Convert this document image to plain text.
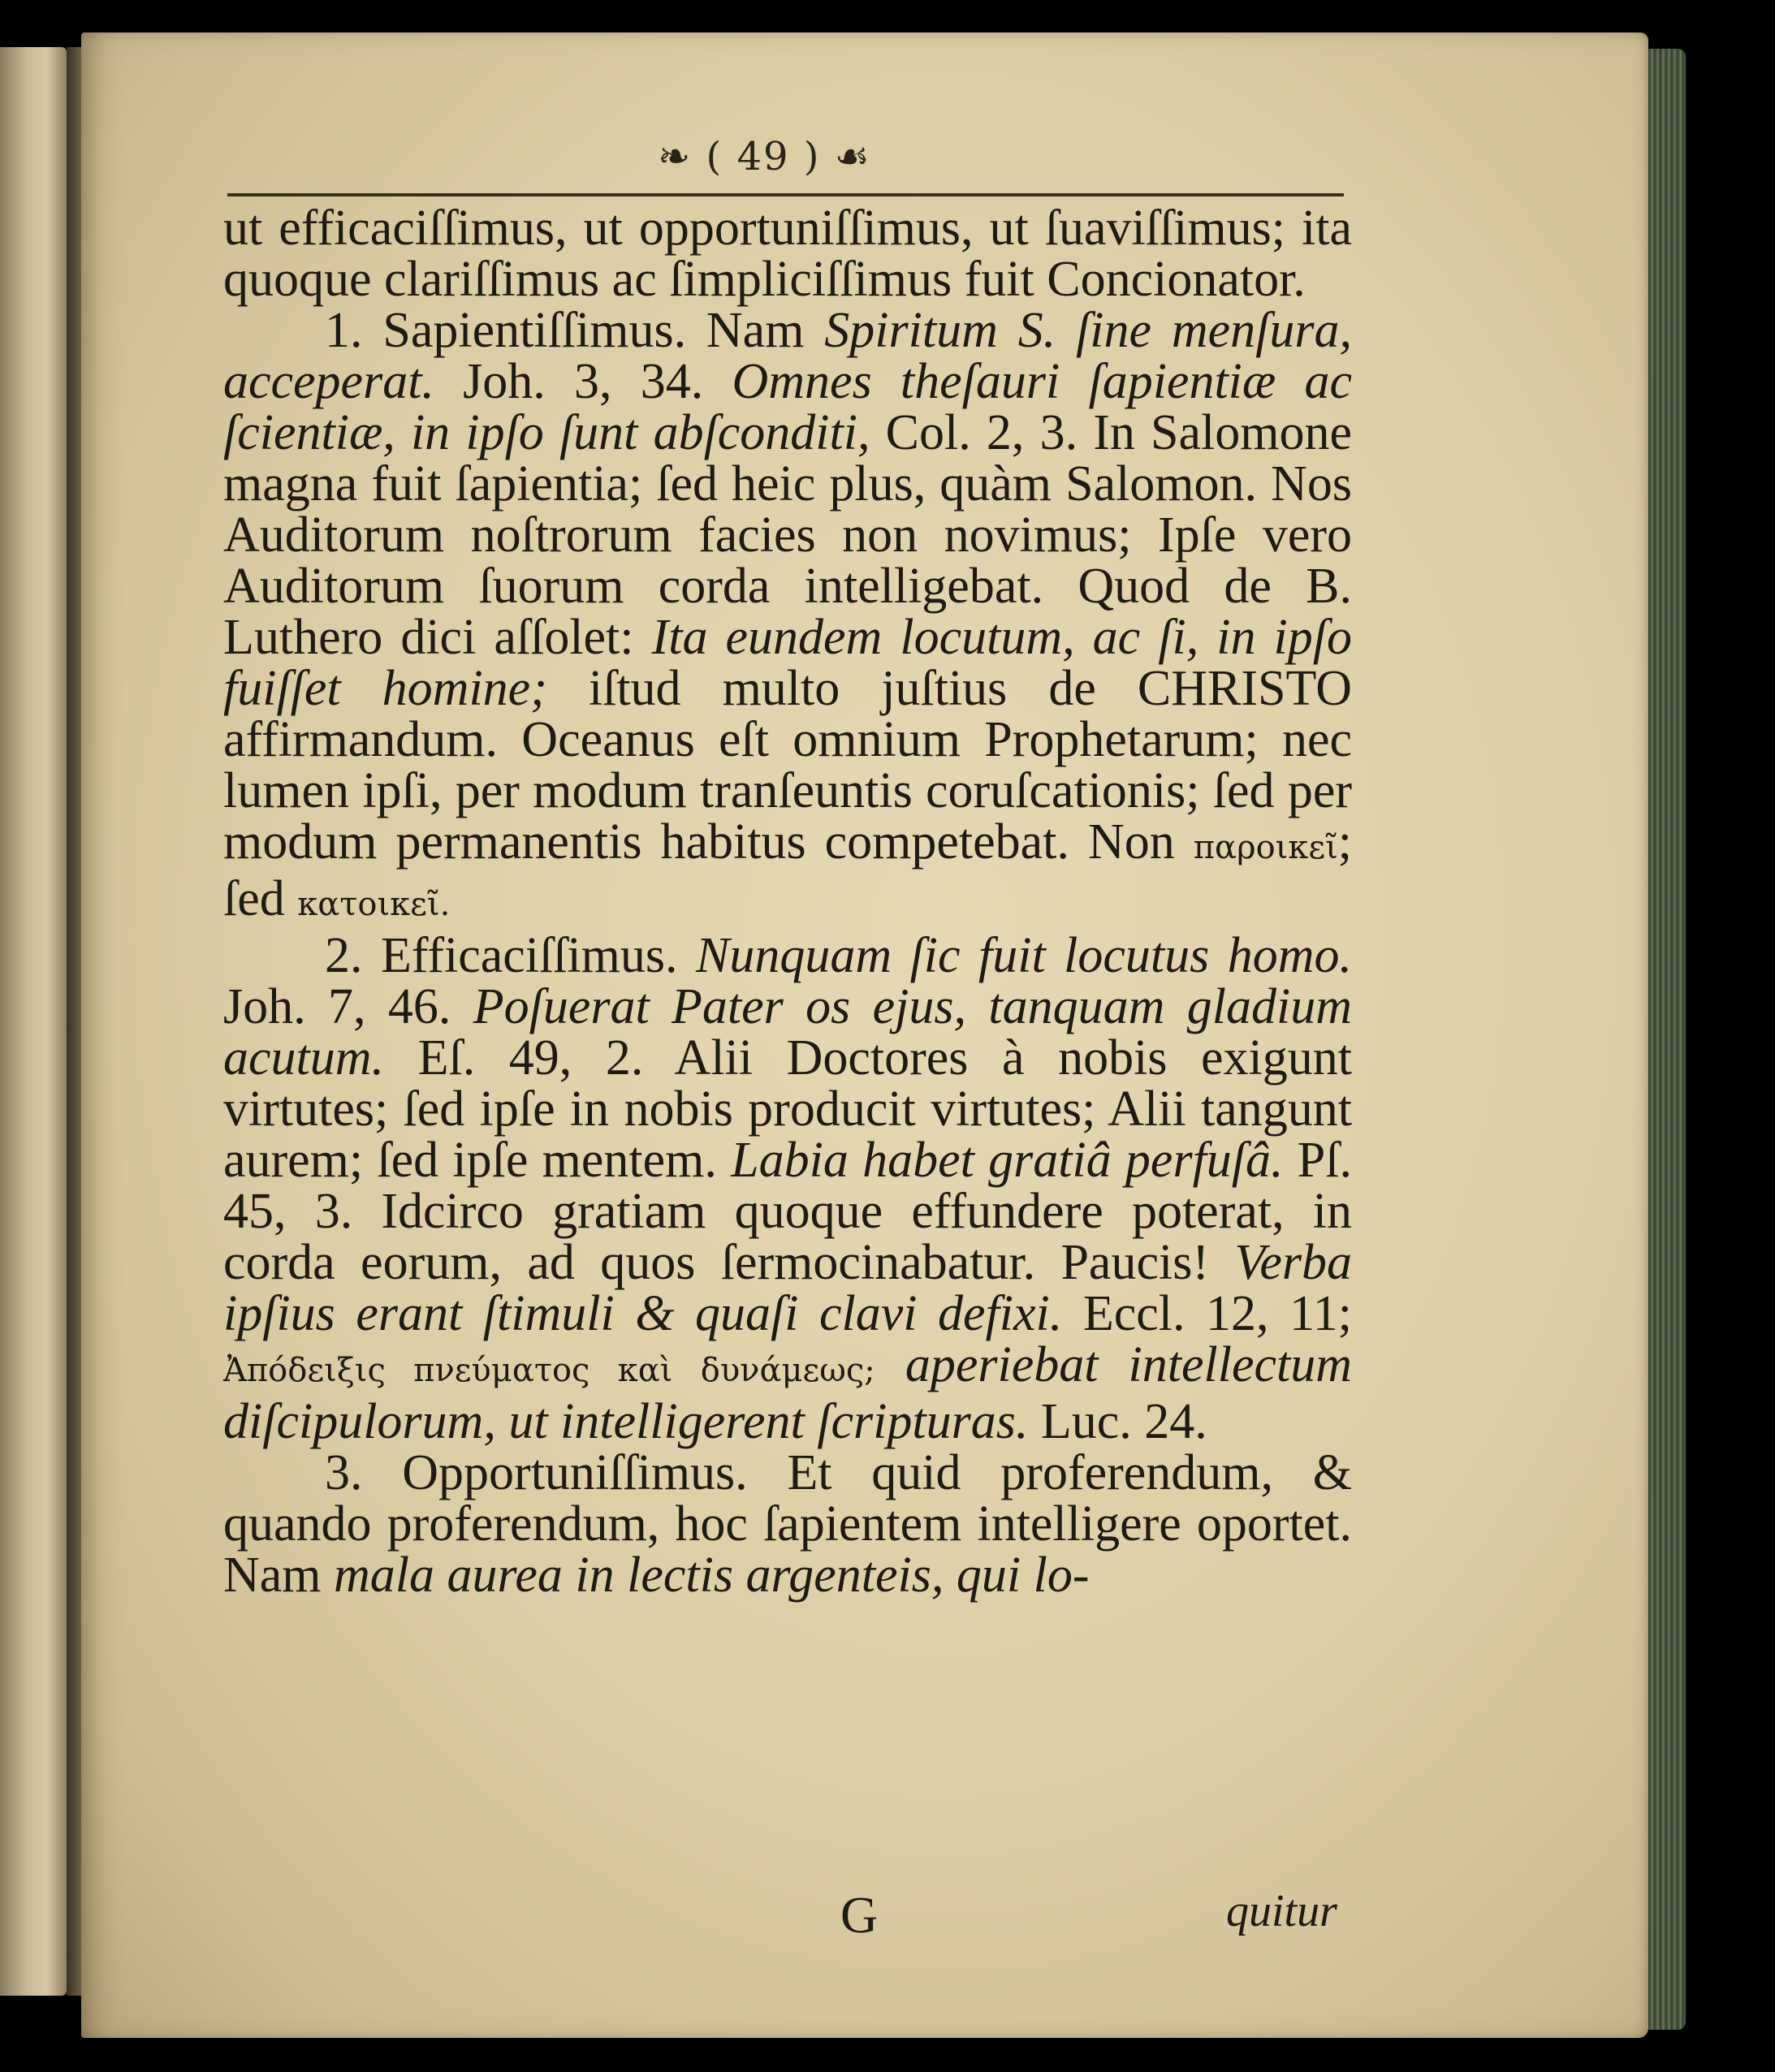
❧ ( 49 ) ☙

ut efficaciſſimus, ut opportuniſſimus, ut ſuaviſſimus; ita quoque clariſſimus ac ſimpliciſſimus fuit Concionator.

1. Sapientiſſimus. Nam Spiritum S. ſine menſura, acceperat. Joh. 3, 34. Omnes theſauri ſapientiæ ac ſcientiæ, in ipſo ſunt abſconditi, Col. 2, 3. In Salomone magna fuit ſapientia; ſed heic plus, quàm Salomon. Nos Auditorum noſtrorum facies non novimus; Ipſe vero Auditorum ſuorum corda intelligebat. Quod de B. Luthero dici aſſolet: Ita eundem locutum, ac ſi, in ipſo fuiſſet homine; iſtud multo juſtius de CHRISTO affirmandum. Oceanus eſt omnium Prophetarum; nec lumen ipſi, per modum tranſeuntis coruſcationis; ſed per modum permanentis habitus competebat. Non παροικεῖ; ſed κατοικεῖ.

2. Efficaciſſimus. Nunquam ſic fuit locutus homo. Joh. 7, 46. Poſuerat Pater os ejus, tanquam gladium acutum. Eſ. 49, 2. Alii Doctores à nobis exigunt virtutes; ſed ipſe in nobis producit virtutes; Alii tangunt aurem; ſed ipſe mentem. Labia habet gratiâ perfuſâ. Pſ. 45, 3. Idcirco gratiam quoque effundere poterat, in corda eorum, ad quos ſermocinabatur. Paucis! Verba ipſius erant ſtimuli & quaſi clavi defixi. Eccl. 12, 11; Ἀπόδειξις πνεύματος καὶ δυνάμεως; aperiebat intellectum diſcipulorum, ut intelligerent ſcripturas. Luc. 24.

3. Opportuniſſimus. Et quid proferendum, & quando proferendum, hoc ſapientem intelligere oportet. Nam mala aurea in lectis argenteis, qui lo-

G	quitur
